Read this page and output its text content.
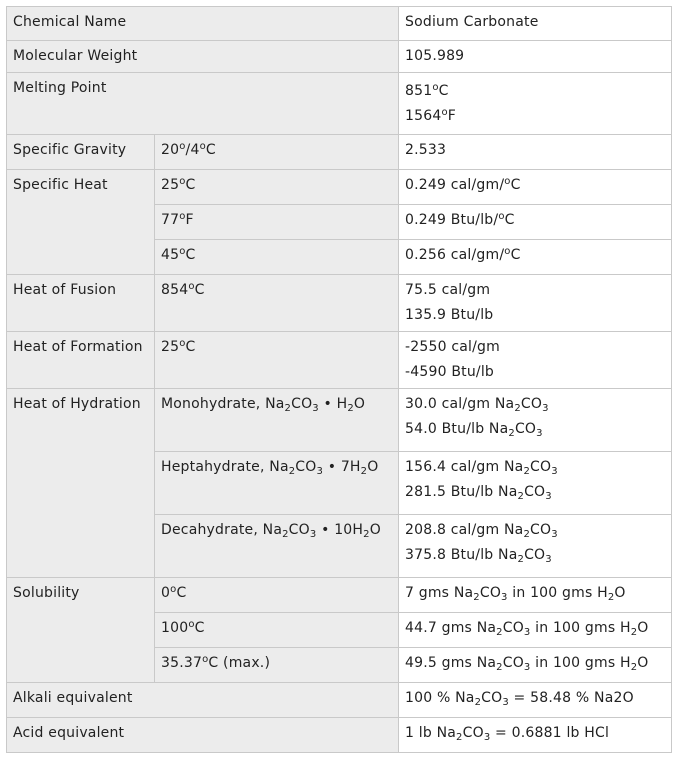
Chemical Name		Sodium Carbonate
Molecular Weight		105.989
Melting Point		851$^o$C
1564$^o$F

Specific Gravity	20$^o$/4$^o$C	2.533
Specific Heat	25$^o$C	0.249 cal/gm/$^o$C
	77$^o$F	0.249 Btu/lb/$^o$C
	45$^o$C	0.256 cal/gm/$^o$C
Heat of Fusion	854$^o$C	75.5 cal/gm
135.9 Btu/lb

Heat of Formation	25$^o$C	-2550 cal/gm
-4590 Btu/lb

Heat of Hydration	Monohydrate, $Na_2CO_3$ • $H_2O$	30.0 cal/gm $Na_2CO_3$
54.0 Btu/lb $Na_2CO_3$

	Heptahydrate, $Na_2CO_3$ • $7H_2O$	156.4 cal/gm $Na_2CO_3$
281.5 Btu/lb $Na_2CO_3$

	Decahydrate, $Na_2CO_3$ • $10H_2O$	208.8 cal/gm $Na_2CO_3$
375.8 Btu/lb $Na_2CO_3$

Solubility	0$^o$C	7 gms $Na_2CO_3$ in 100 gms $H_2O$
	100$^o$C	44.7 gms $Na_2CO_3$ in 100 gms $H_2O$
	35.37$^o$C (max.)	49.5 gms $Na_2CO_3$ in 100 gms $H_2O$
Alkali equivalent		100 % $Na_2CO_3 = 58.48$ % Na2O
Acid equivalent		1 lb $Na_2CO_3 = 0.6881$ lb HCl
